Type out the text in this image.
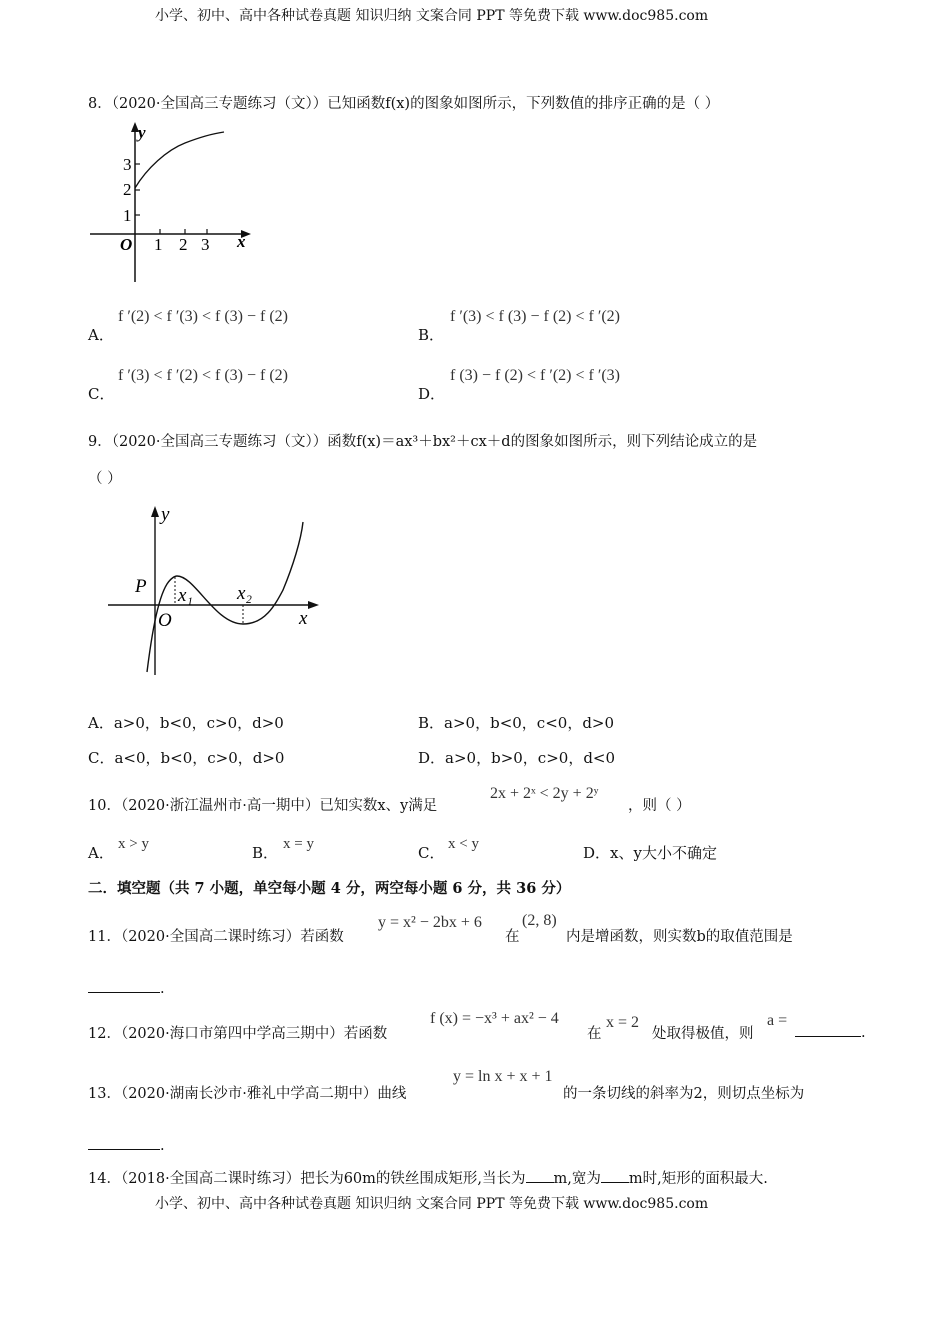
小学、初中、高中各种试卷真题 知识归纳 文案合同 PPT 等免费下载 www.doc985.com
8．（2020·全国高三专题练习（文））已知函数f(x)的图象如图所示，下列数值的排序正确的是（ ）
y
x
O
3
2
1
1 2 3
A．
f ′(2) < f ′(3) < f (3) − f (2)
B．
f ′(3) < f (3) − f (2) < f ′(2)
C．
f ′(3) < f ′(2) < f (3) − f (2)
D．
f (3) − f (2) < f ′(2) < f ′(3)
9．（2020·全国高三专题练习（文））函数f(x)＝ax³＋bx²＋cx＋d的图象如图所示，则下列结论成立的是
（ ）
y
x
O
P x₁ x₂
A．a>0，b<0，c>0，d>0	B．a>0，b<0，c<0，d>0
C．a<0，b<0，c>0，d>0	D．a>0，b>0，c>0，d<0
10．（2020·浙江温州市·高一期中）已知实数x、y满足
2x + 2ˣ < 2y + 2ʸ
，则（ ）
A． x > y	B． x = y	C． x < y	D．x、y大小不确定
二．填空题（共 7 小题，单空每小题 4 分，两空每小题 6 分，共 36 分）
11．（2020·全国高二课时练习）若函数
y = x² − 2bx + 6
在
(2, 8)
内是增函数，则实数b的取值范围是
.
12．（2020·海口市第四中学高三期中）若函数
f (x) = −x³ + ax² − 4
在
x = 2
处取得极值，则
a =
.
13．（2020·湖南长沙市·雅礼中学高二期中）曲线
y = ln x + x + 1
的一条切线的斜率为2，则切点坐标为
.
14．（2018·全国高二课时练习）把长为60m的铁丝围成矩形,当长为 m,宽为 m时,矩形的面积最大.
小学、初中、高中各种试卷真题 知识归纳 文案合同 PPT 等免费下载 www.doc985.com
